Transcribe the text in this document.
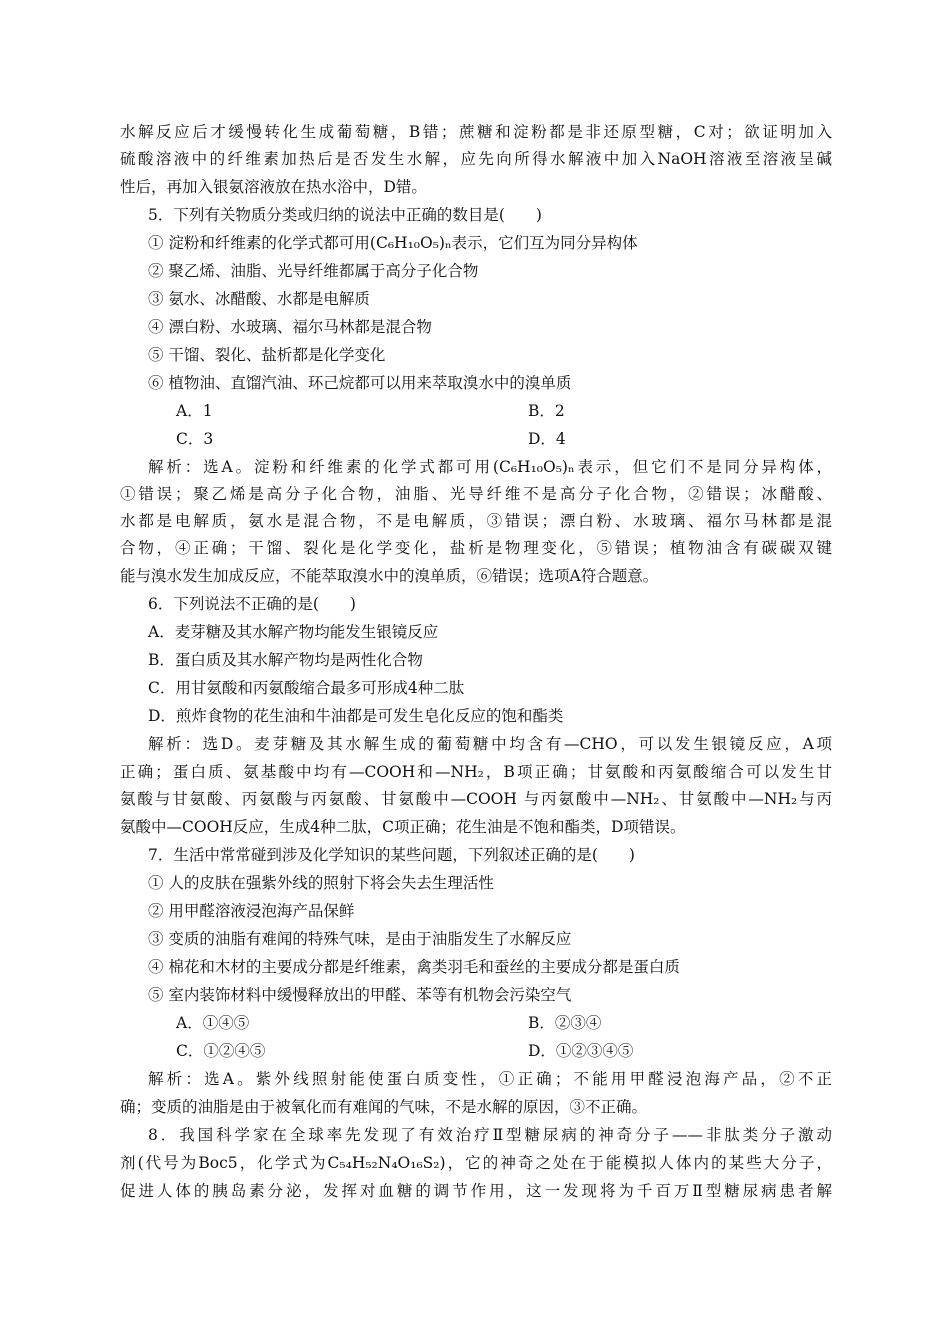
水解反应后才缓慢转化生成葡萄糖，B错；蔗糖和淀粉都是非还原型糖，C对；欲证明加入
硫酸溶液中的纤维素加热后是否发生水解，应先向所得水解液中加入NaOH溶液至溶液呈碱
性后，再加入银氨溶液放在热水浴中，D错。
5．下列有关物质分类或归纳的说法中正确的数目是(　　)
① 淀粉和纤维素的化学式都可用(C₆H₁₀O₅)ₙ表示，它们互为同分异构体
② 聚乙烯、油脂、光导纤维都属于高分子化合物
③ 氨水、冰醋酸、水都是电解质
④ 漂白粉、水玻璃、福尔马林都是混合物
⑤ 干馏、裂化、盐析都是化学变化
⑥ 植物油、直馏汽油、环己烷都可以用来萃取溴水中的溴单质
A．1	B．2
C．3	D．4
解析：选A。淀粉和纤维素的化学式都可用(C₆H₁₀O₅)ₙ表示，但它们不是同分异构体，
①错误；聚乙烯是高分子化合物，油脂、光导纤维不是高分子化合物，②错误；冰醋酸、
水都是电解质，氨水是混合物，不是电解质，③错误；漂白粉、水玻璃、福尔马林都是混
合物，④正确；干馏、裂化是化学变化，盐析是物理变化，⑤错误；植物油含有碳碳双键
能与溴水发生加成反应，不能萃取溴水中的溴单质，⑥错误；选项A符合题意。
6．下列说法不正确的是(　　)
A．麦芽糖及其水解产物均能发生银镜反应
B．蛋白质及其水解产物均是两性化合物
C．用甘氨酸和丙氨酸缩合最多可形成4种二肽
D．煎炸食物的花生油和牛油都是可发生皂化反应的饱和酯类
解析：选D。麦芽糖及其水解生成的葡萄糖中均含有—CHO，可以发生银镜反应，A项
正确；蛋白质、氨基酸中均有—COOH和—NH₂，B项正确；甘氨酸和丙氨酸缩合可以发生甘
氨酸与甘氨酸、丙氨酸与丙氨酸、甘氨酸中—COOH 与丙氨酸中—NH₂、甘氨酸中—NH₂与丙
氨酸中—COOH反应，生成4种二肽，C项正确；花生油是不饱和酯类，D项错误。
7．生活中常常碰到涉及化学知识的某些问题，下列叙述正确的是(　　)
① 人的皮肤在强紫外线的照射下将会失去生理活性
② 用甲醛溶液浸泡海产品保鲜
③ 变质的油脂有难闻的特殊气味，是由于油脂发生了水解反应
④ 棉花和木材的主要成分都是纤维素，禽类羽毛和蚕丝的主要成分都是蛋白质
⑤ 室内装饰材料中缓慢释放出的甲醛、苯等有机物会污染空气
A．①④⑤	B．②③④
C．①②④⑤	D．①②③④⑤
解析：选A。紫外线照射能使蛋白质变性，①正确；不能用甲醛浸泡海产品，②不正
确；变质的油脂是由于被氧化而有难闻的气味，不是水解的原因，③不正确。
8．我国科学家在全球率先发现了有效治疗Ⅱ型糖尿病的神奇分子——非肽类分子激动
剂(代号为Boc5，化学式为C₅₄H₅₂N₄O₁₆S₂)，它的神奇之处在于能模拟人体内的某些大分子，
促进人体的胰岛素分泌，发挥对血糖的调节作用，这一发现将为千百万Ⅱ型糖尿病患者解
